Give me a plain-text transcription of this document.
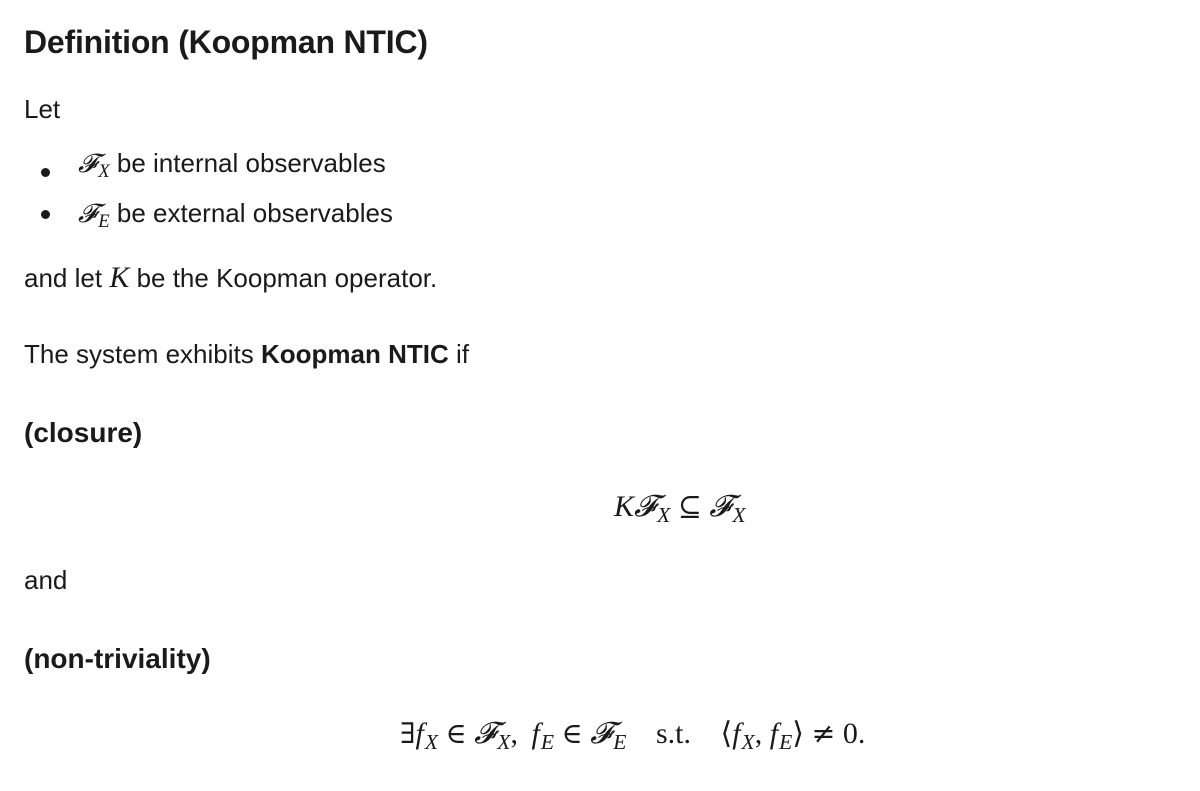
Definition (Koopman NTIC)
Let
𝓕$_X$ be internal observables
𝓕$_E$ be external observables
and let K be the Koopman operator.
The system exhibits Koopman NTIC if
(closure)
K𝓕$_X$ ⊆ 𝓕$_X$
and
(non-triviality)
$\exists f_X$ ∈ 𝓕$_X$, $f_E$ ∈ 𝓕$_E$ s.t. $⟨f_X$, $f_E⟩ \ne 0$.
